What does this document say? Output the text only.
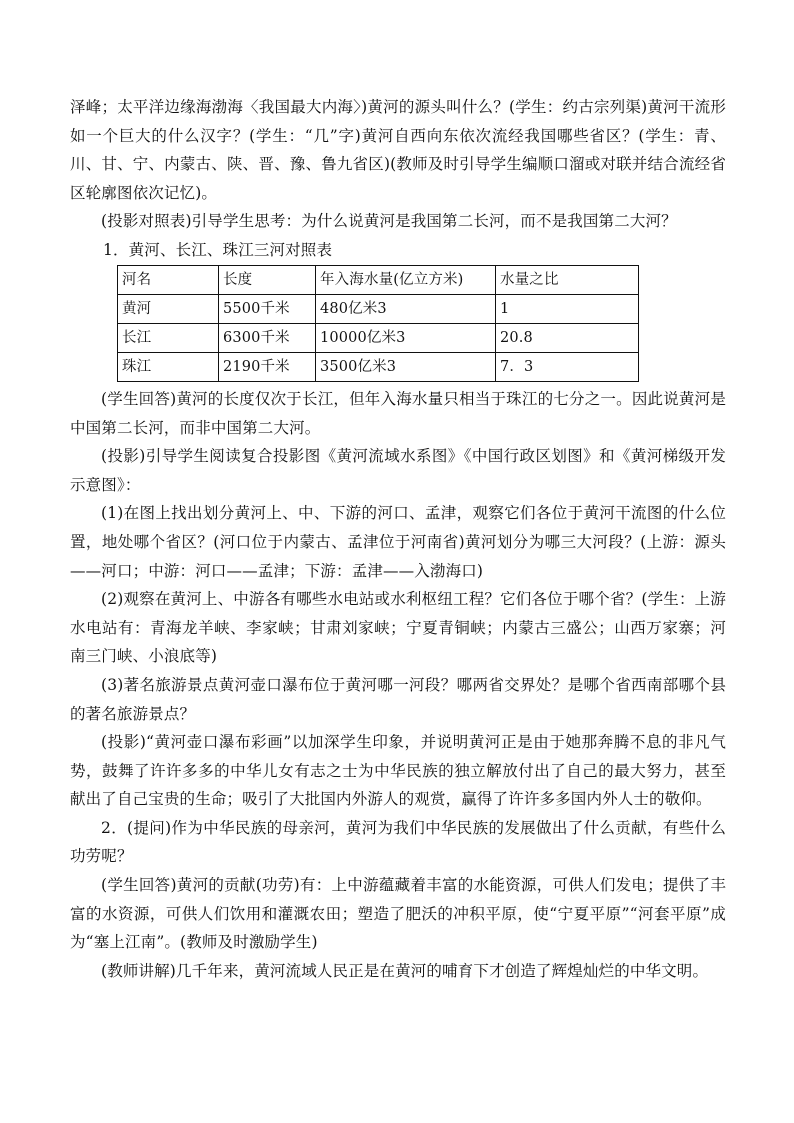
泽峰；太平洋边缘海渤海〈我国最大内海〉)黄河的源头叫什么？(学生：约古宗列渠)黄河干流形如一个巨大的什么汉字？(学生：“几”字)黄河自西向东依次流经我国哪些省区？(学生：青、川、甘、宁、内蒙古、陕、晋、豫、鲁九省区)(教师及时引导学生编顺口溜或对联并结合流经省区轮廓图依次记忆)。

(投影对照表)引导学生思考：为什么说黄河是我国第二长河，而不是我国第二大河？

1．黄河、长江、珠江三河对照表

河名	长度	年入海水量(亿立方米)	水量之比
黄河	5500千米	480亿米3	1
长江	6300千米	10000亿米3	20.8
珠江	2190千米	3500亿米3	7．3

(学生回答)黄河的长度仅次于长江，但年入海水量只相当于珠江的七分之一。因此说黄河是中国第二长河，而非中国第二大河。

(投影)引导学生阅读复合投影图《黄河流域水系图》《中国行政区划图》和《黄河梯级开发示意图》：

(1)在图上找出划分黄河上、中、下游的河口、孟津，观察它们各位于黄河干流图的什么位置，地处哪个省区？(河口位于内蒙古、孟津位于河南省)黄河划分为哪三大河段？(上游：源头——河口；中游：河口——孟津；下游：孟津——入渤海口)

(2)观察在黄河上、中游各有哪些水电站或水利枢纽工程？它们各位于哪个省？(学生：上游水电站有：青海龙羊峡、李家峡；甘肃刘家峡；宁夏青铜峡；内蒙古三盛公；山西万家寨；河南三门峡、小浪底等)

(3)著名旅游景点黄河壶口瀑布位于黄河哪一河段？哪两省交界处？是哪个省西南部哪个县的著名旅游景点？

(投影)“黄河壶口瀑布彩画”以加深学生印象，并说明黄河正是由于她那奔腾不息的非凡气势，鼓舞了许许多多的中华儿女有志之士为中华民族的独立解放付出了自己的最大努力，甚至献出了自己宝贵的生命；吸引了大批国内外游人的观赏，赢得了许许多多国内外人士的敬仰。

2．(提问)作为中华民族的母亲河，黄河为我们中华民族的发展做出了什么贡献，有些什么功劳呢？

(学生回答)黄河的贡献(功劳)有：上中游蕴藏着丰富的水能资源，可供人们发电；提供了丰富的水资源，可供人们饮用和灌溉农田；塑造了肥沃的冲积平原，使“宁夏平原”“河套平原”成为“塞上江南”。(教师及时激励学生)

(教师讲解)几千年来，黄河流域人民正是在黄河的哺育下才创造了辉煌灿烂的中华文明。
